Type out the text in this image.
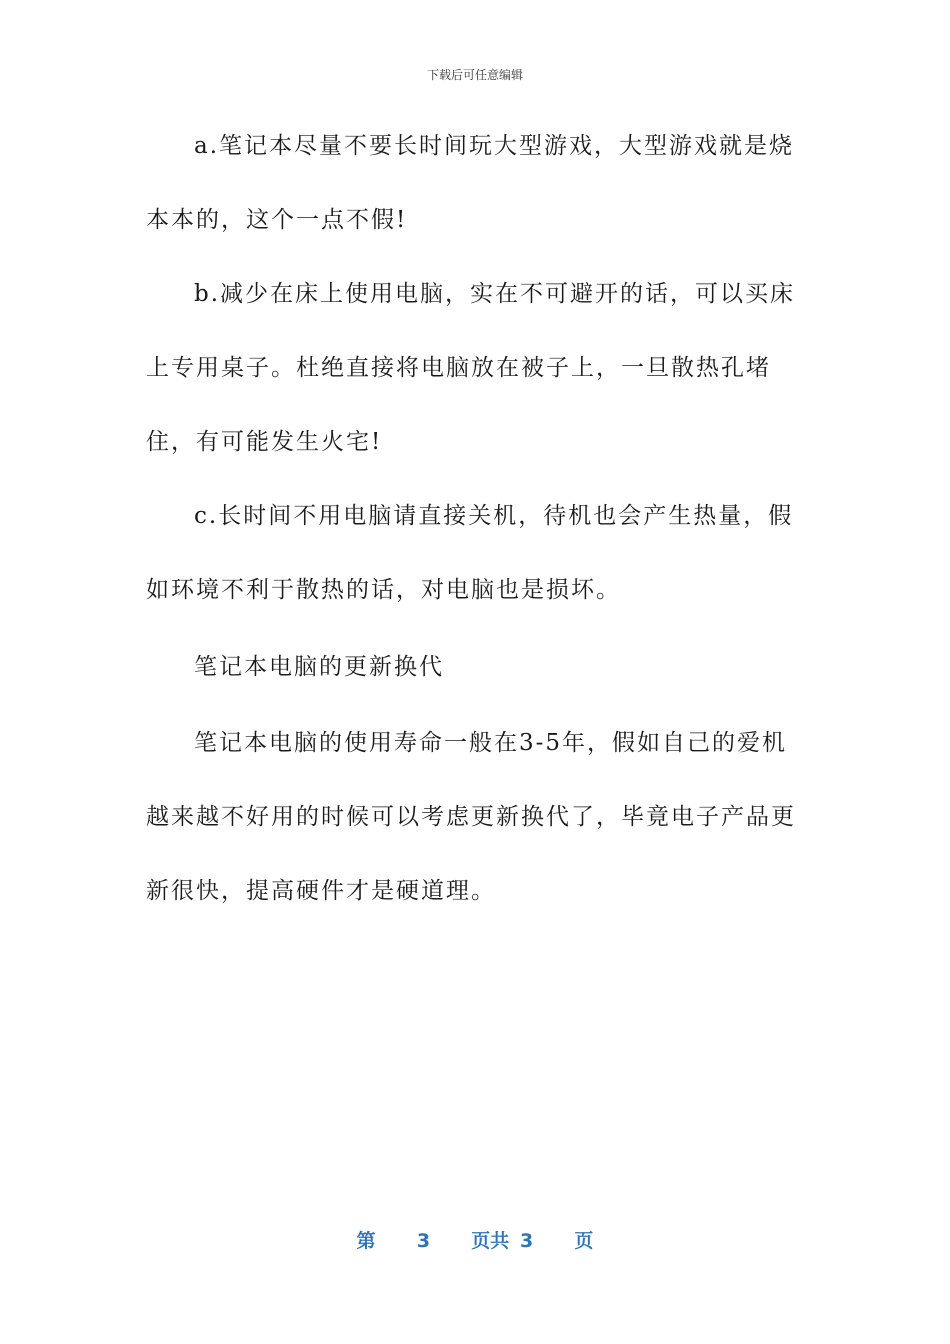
下载后可任意编辑

a.笔记本尽量不要长时间玩大型游戏，大型游戏就是烧本本的，这个一点不假!

b.减少在床上使用电脑，实在不可避开的话，可以买床上专用桌子。杜绝直接将电脑放在被子上，一旦散热孔堵住，有可能发生火宅!

c.长时间不用电脑请直接关机，待机也会产生热量，假如环境不利于散热的话，对电脑也是损坏。

笔记本电脑的更新换代

笔记本电脑的使用寿命一般在3-5年，假如自己的爱机越来越不好用的时候可以考虑更新换代了，毕竟电子产品更新很快，提高硬件才是硬道理。

第 3 页共 3 页
